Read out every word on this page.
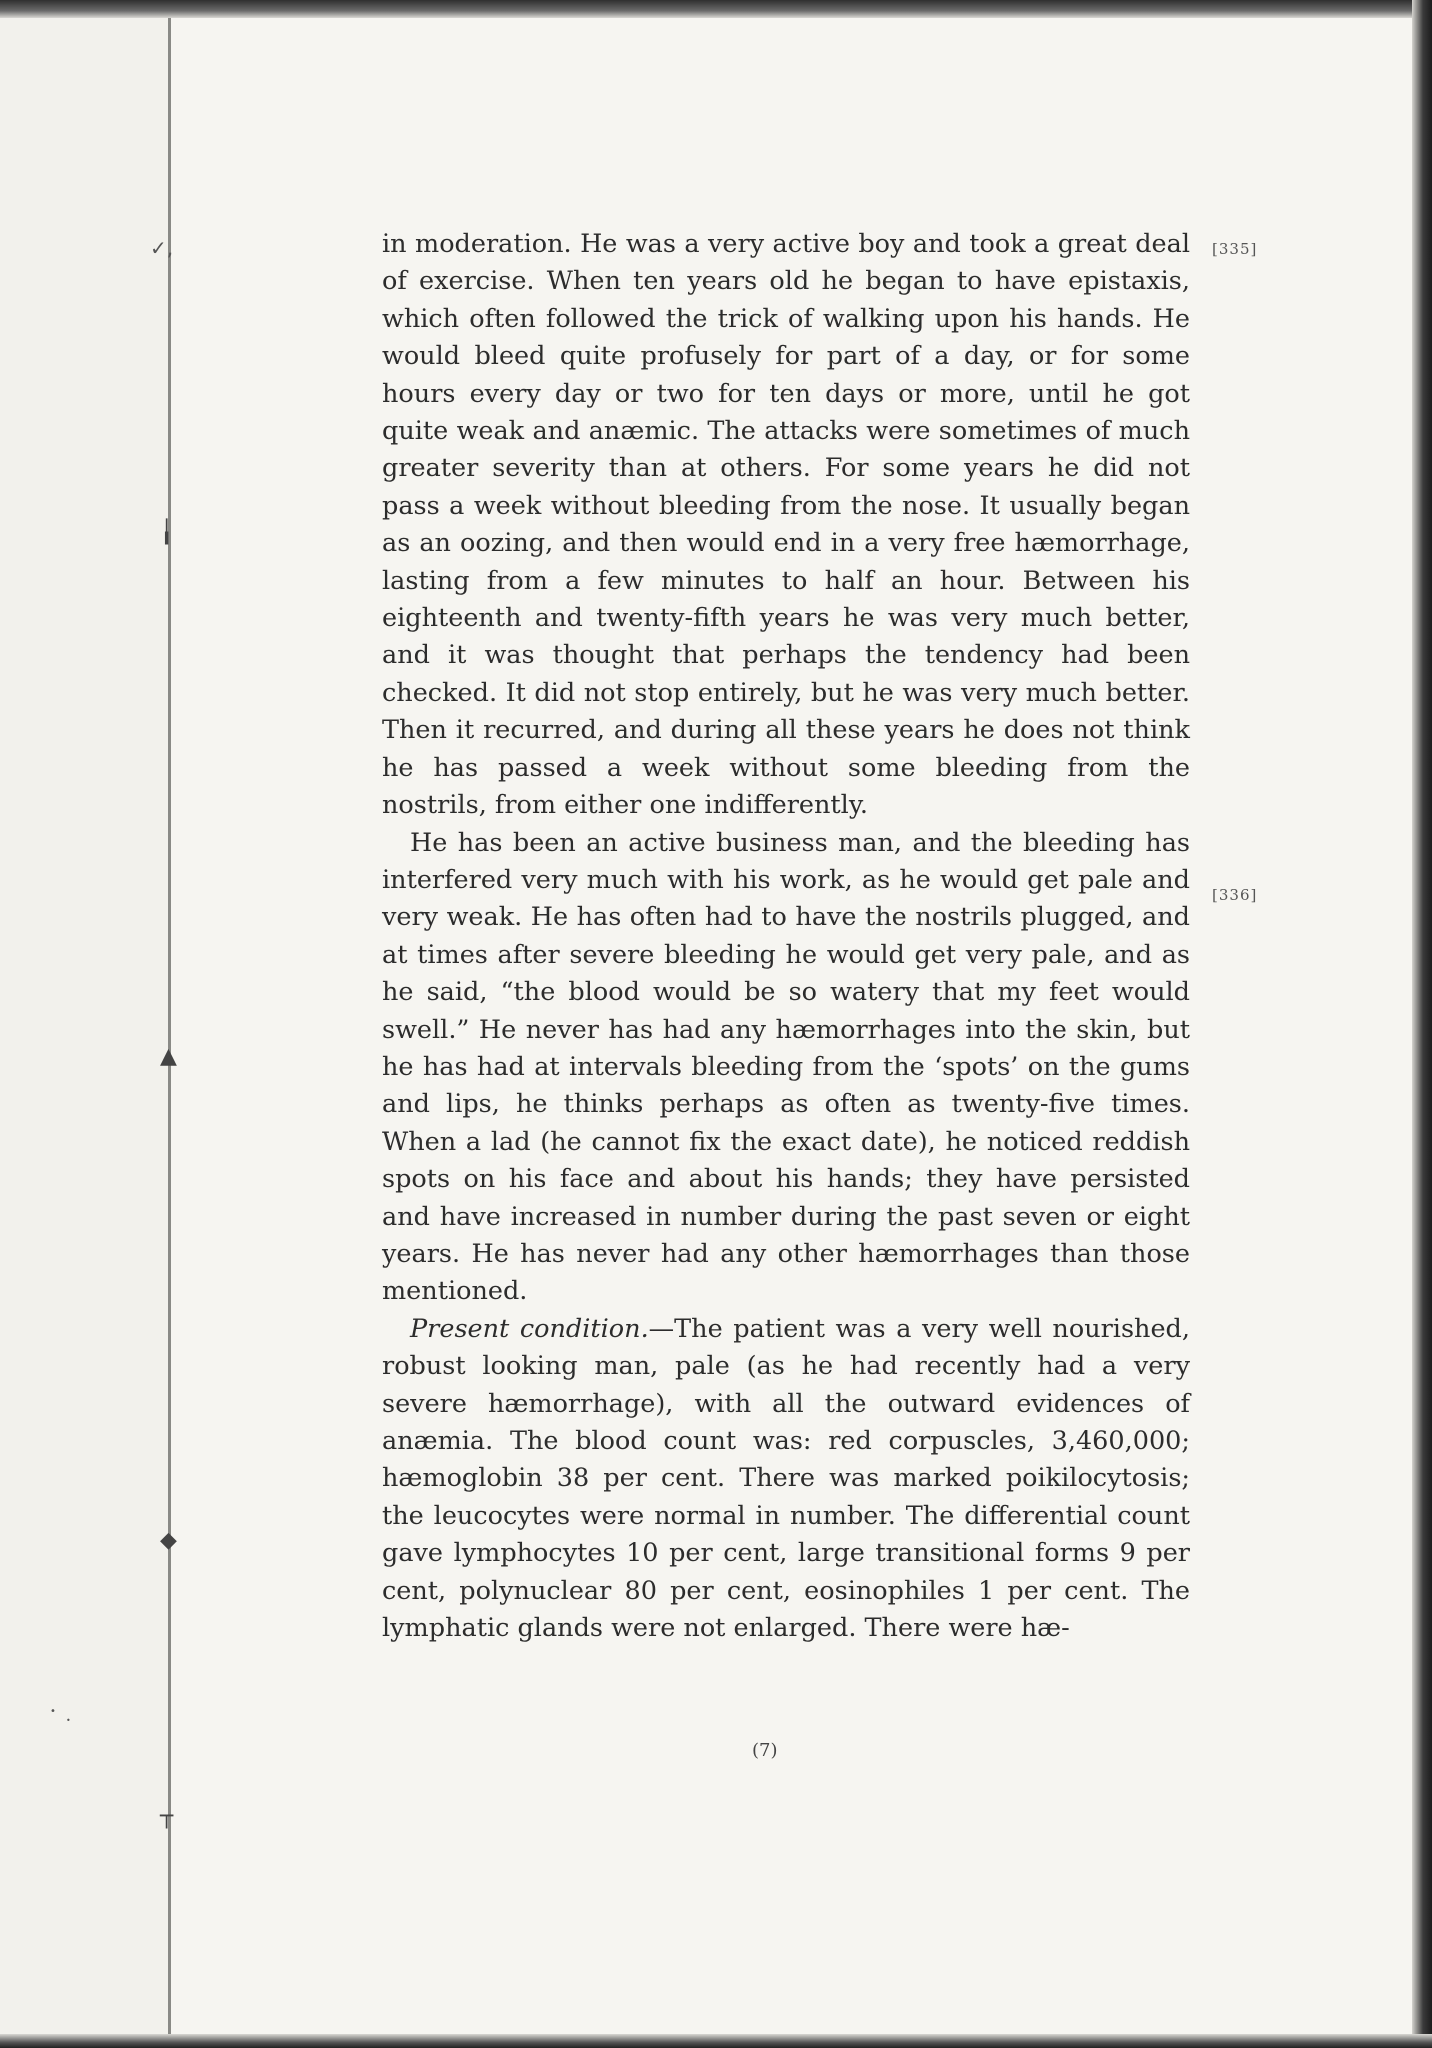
╽
▲
◆
┬
✓,
•
•
[335]
[336]

in moderation. He was a very active boy and took a great deal of exercise. When ten years old he began to have epistaxis, which often followed the trick of walking upon his hands. He would bleed quite profusely for part of a day, or for some hours every day or two for ten days or more, until he got quite weak and anæmic. The attacks were sometimes of much greater severity than at others. For some years he did not pass a week without bleeding from the nose. It usually began as an oozing, and then would end in a very free hæmorrhage, lasting from a few minutes to half an hour. Between his eighteenth and twenty-fifth years he was very much better, and it was thought that perhaps the tendency had been checked. It did not stop entirely, but he was very much better. Then it recurred, and during all these years he does not think he has passed a week without some bleeding from the nostrils, from either one indifferently.

He has been an active business man, and the bleeding has interfered very much with his work, as he would get pale and very weak. He has often had to have the nostrils plugged, and at times after severe bleeding he would get very pale, and as he said, “the blood would be so watery that my feet would swell.” He never has had any hæmorrhages into the skin, but he has had at intervals bleeding from the ‘spots’ on the gums and lips, he thinks perhaps as often as twenty-five times. When a lad (he cannot fix the exact date), he noticed reddish spots on his face and about his hands; they have persisted and have increased in number during the past seven or eight years. He has never had any other hæmorrhages than those mentioned.

Present condition.—The patient was a very well nourished, robust looking man, pale (as he had recently had a very severe hæmorrhage), with all the outward evidences of anæmia. The blood count was: red corpuscles, 3,460,000; hæmoglobin 38 per cent. There was marked poikilocytosis; the leucocytes were normal in number. The differential count gave lymphocytes 10 per cent, large transitional forms 9 per cent, polynuclear 80 per cent, eosinophiles 1 per cent. The lymphatic glands were not enlarged. There were hæ-

(7)
